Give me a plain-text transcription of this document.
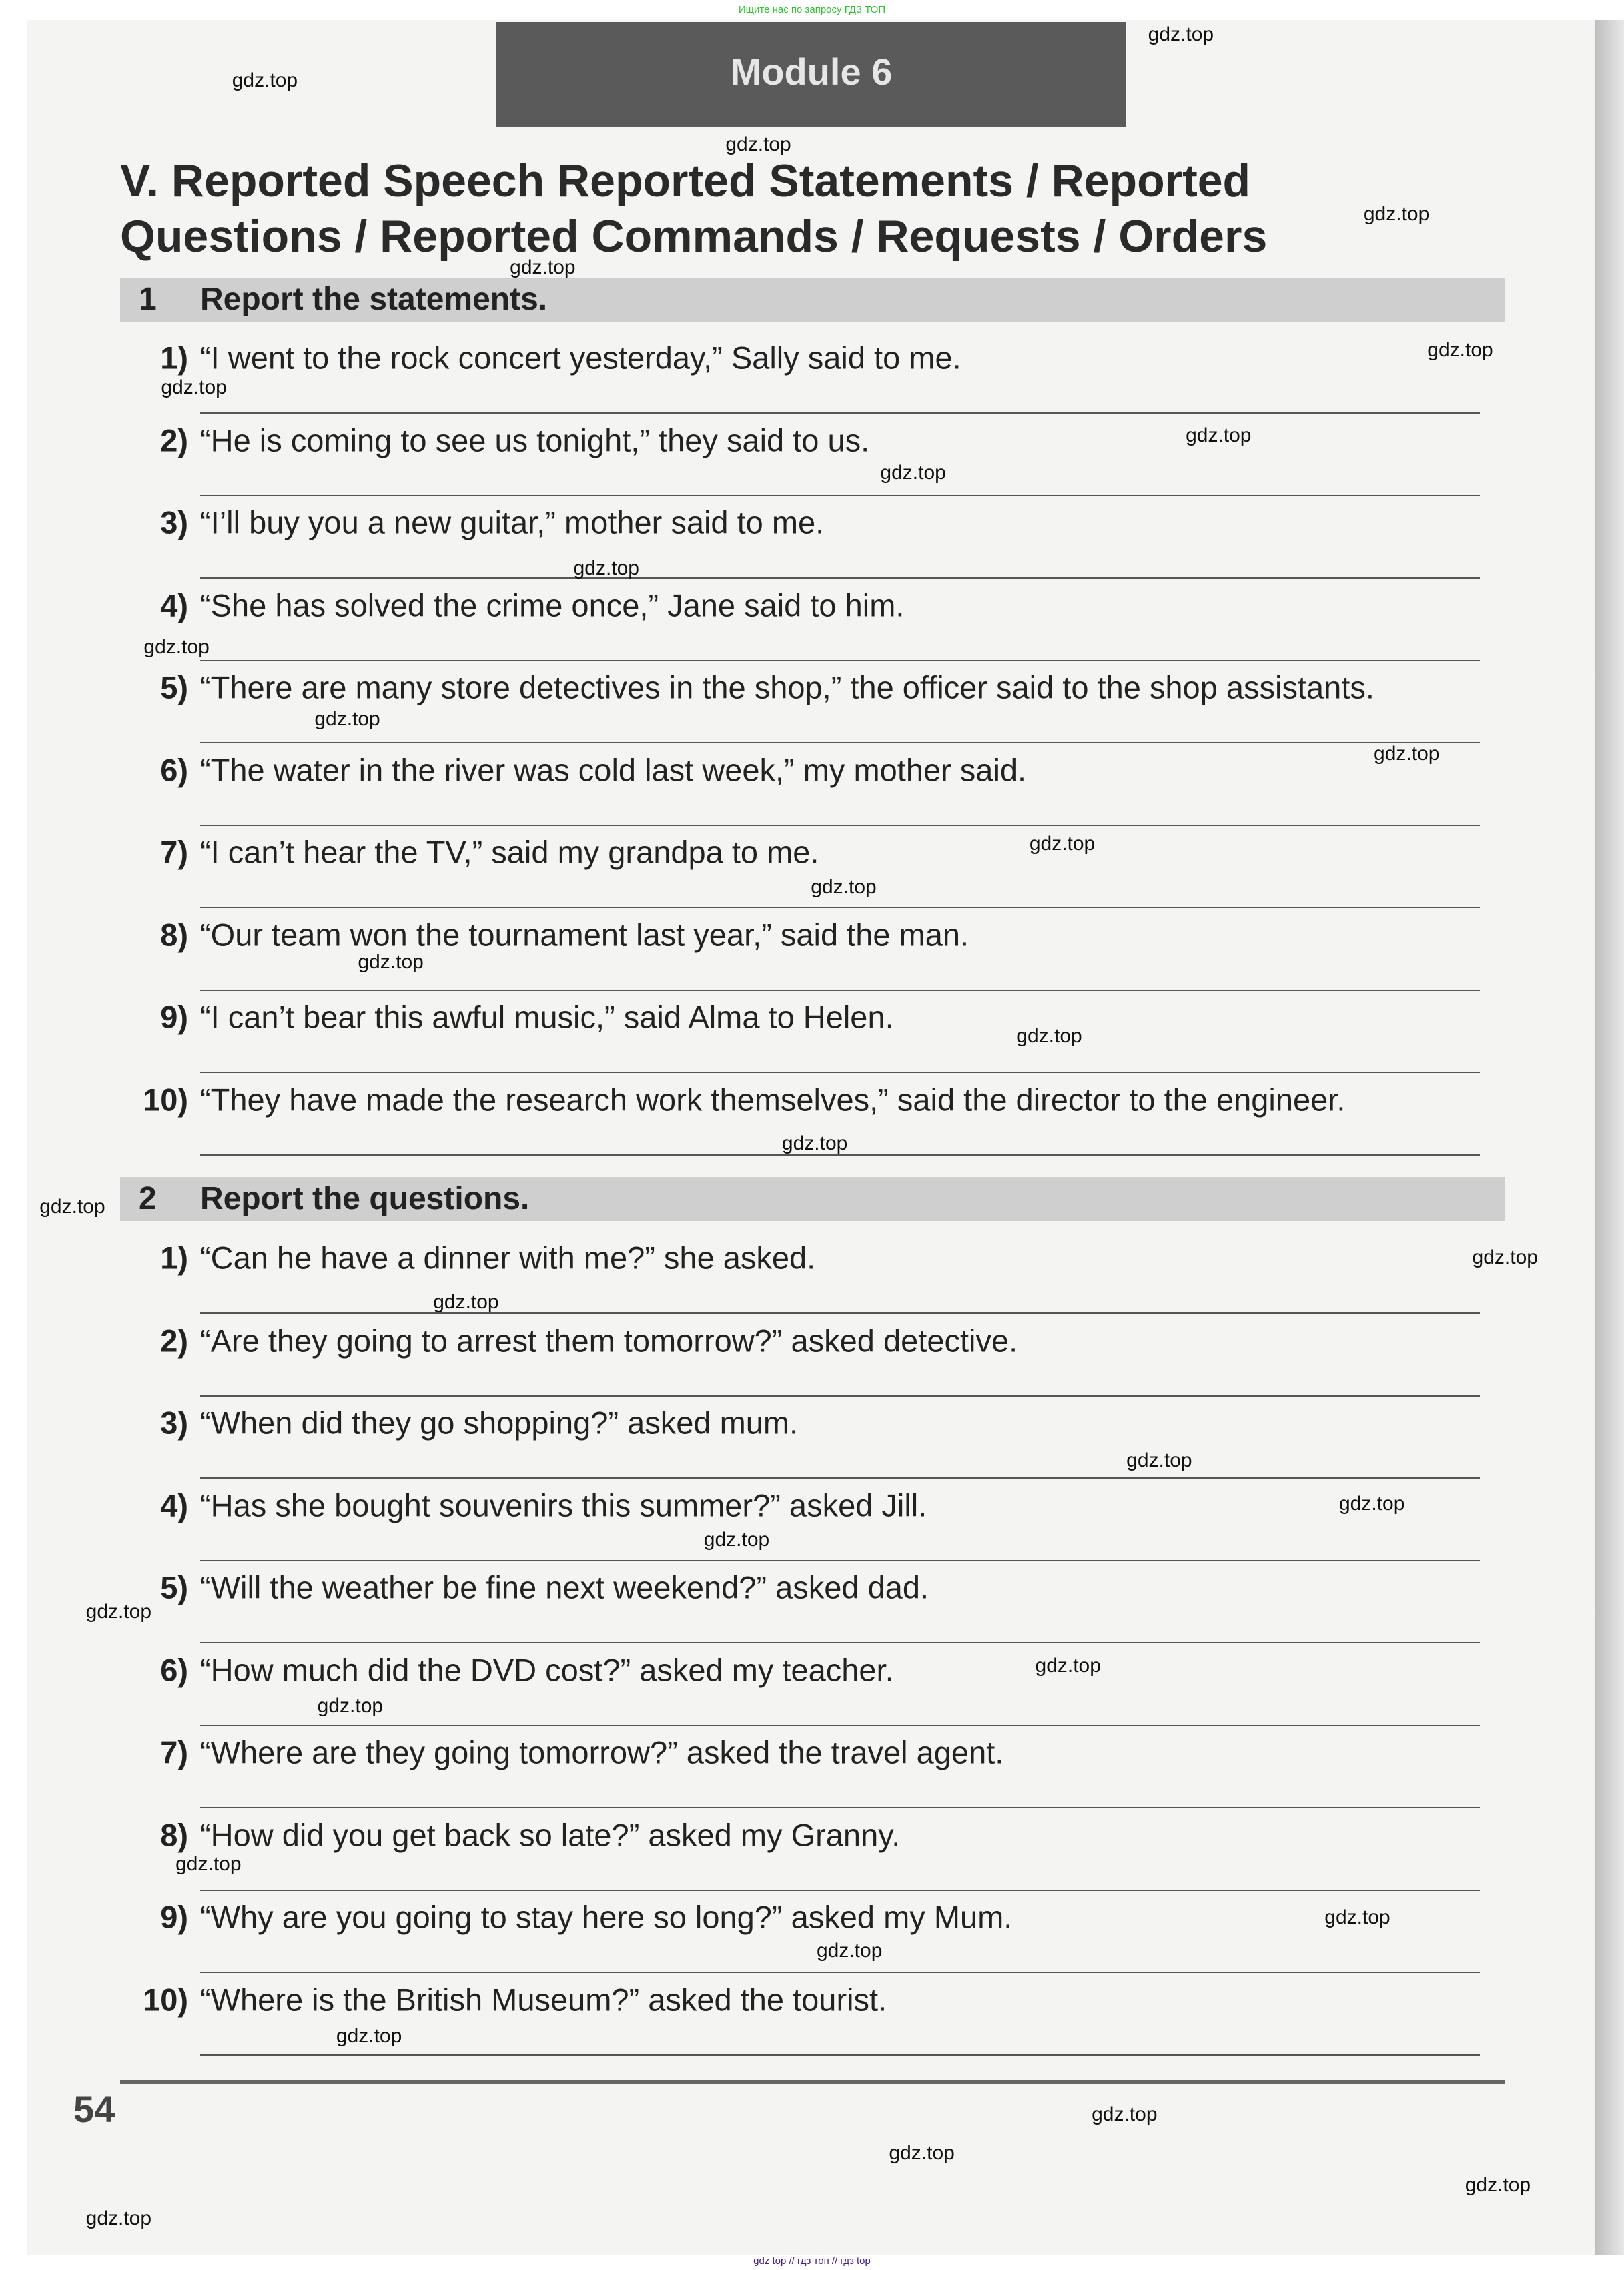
Ищите нас по запросу ГДЗ ТОП
gdz top // гдз топ // гдз top
Module 6
V. Reported Speech Reported Statements / Reported
Questions / Reported Commands / Requests / Orders
1 Report the statements.
2 Report the questions.
1) “I went to the rock concert yesterday,” Sally said to me.
2) “He is coming to see us tonight,” they said to us.
3) “I’ll buy you a new guitar,” mother said to me.
4) “She has solved the crime once,” Jane said to him.
5) “There are many store detectives in the shop,” the officer said to the shop assistants.
6) “The water in the river was cold last week,” my mother said.
7) “I can’t hear the TV,” said my grandpa to me.
8) “Our team won the tournament last year,” said the man.
9) “I can’t bear this awful music,” said Alma to Helen.
10) “They have made the research work themselves,” said the director to the engineer.
1) “Can he have a dinner with me?” she asked.
2) “Are they going to arrest them tomorrow?” asked detective.
3) “When did they go shopping?” asked mum.
4) “Has she bought souvenirs this summer?” asked Jill.
5) “Will the weather be fine next weekend?” asked dad.
6) “How much did the DVD cost?” asked my teacher.
7) “Where are they going tomorrow?” asked the travel agent.
8) “How did you get back so late?” asked my Granny.
9) “Why are you going to stay here so long?” asked my Mum.
10) “Where is the British Museum?” asked the tourist.
gdz.top
gdz.top
gdz.top
gdz.top
gdz.top
gdz.top
gdz.top
gdz.top
gdz.top
gdz.top
gdz.top
gdz.top
gdz.top
gdz.top
gdz.top
gdz.top
gdz.top
gdz.top
gdz.top
gdz.top
gdz.top
gdz.top
gdz.top
gdz.top
gdz.top
gdz.top
gdz.top
gdz.top
gdz.top
gdz.top
gdz.top
gdz.top
gdz.top
gdz.top
gdz.top
54
